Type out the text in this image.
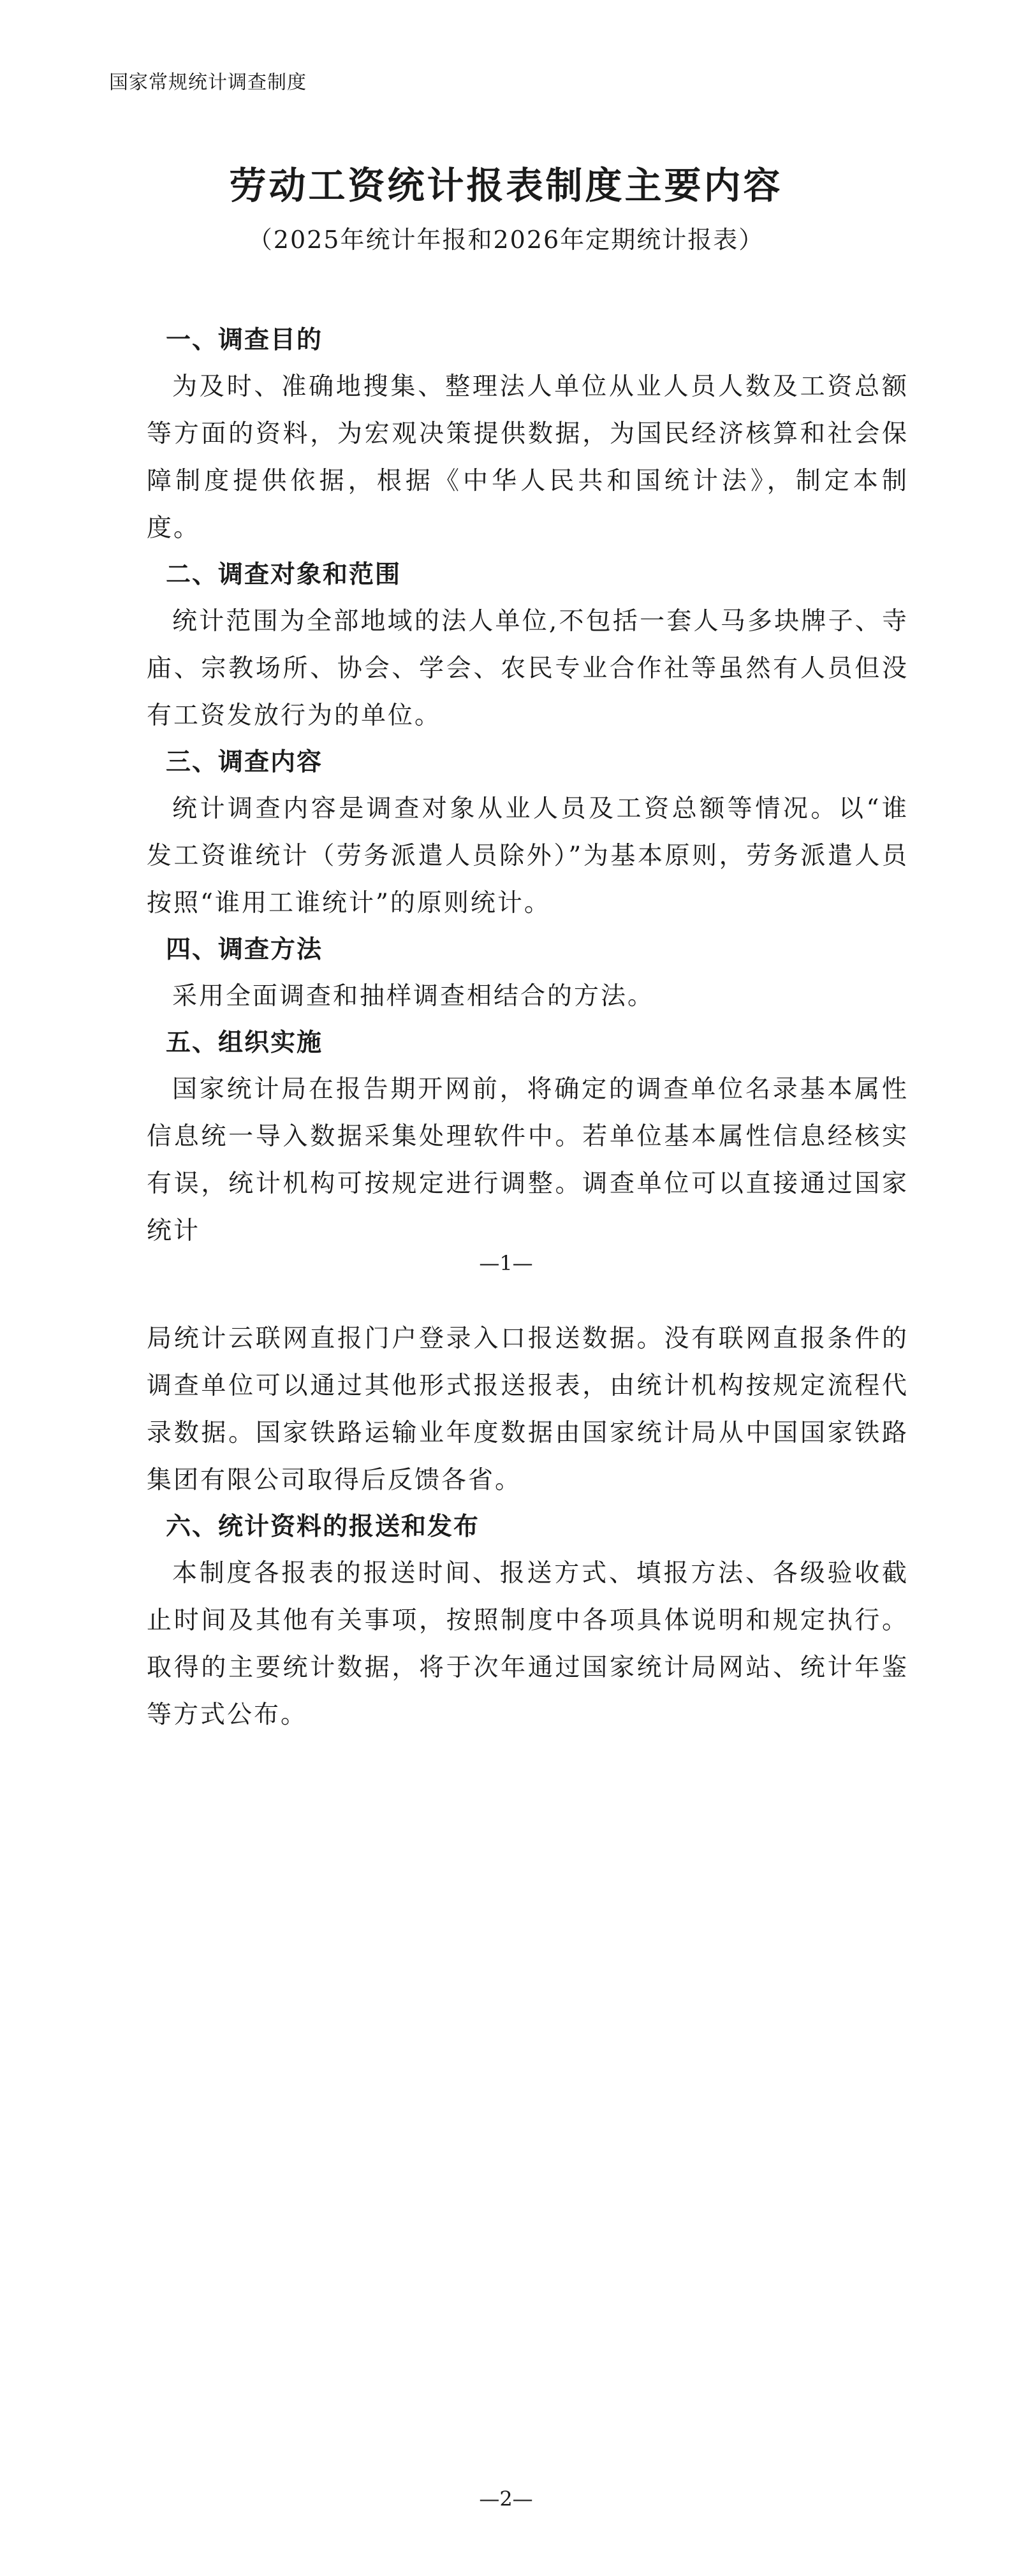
国家常规统计调查制度
劳动工资统计报表制度主要内容
（2025年统计年报和2026年定期统计报表）
一、调查目的
为及时、准确地搜集、整理法人单位从业人员人数及工资总额等方面的资料，为宏观决策提供数据，为国民经济核算和社会保障制度提供依据，根据《中华人民共和国统计法》，制定本制度。
二、调查对象和范围
统计范围为全部地域的法人单位,不包括一套人马多块牌子、寺庙、宗教场所、协会、学会、农民专业合作社等虽然有人员但没有工资发放行为的单位。
三、调查内容
统计调查内容是调查对象从业人员及工资总额等情况。以“谁发工资谁统计（劳务派遣人员除外）”为基本原则，劳务派遣人员按照“谁用工谁统计”的原则统计。
四、调查方法
采用全面调查和抽样调查相结合的方法。
五、组织实施
国家统计局在报告期开网前，将确定的调查单位名录基本属性信息统一导入数据采集处理软件中。若单位基本属性信息经核实有误，统计机构可按规定进行调整。调查单位可以直接通过国家统计
—1—
局统计云联网直报门户登录入口报送数据。没有联网直报条件的调查单位可以通过其他形式报送报表，由统计机构按规定流程代录数据。国家铁路运输业年度数据由国家统计局从中国国家铁路集团有限公司取得后反馈各省。
六、统计资料的报送和发布
本制度各报表的报送时间、报送方式、填报方法、各级验收截止时间及其他有关事项，按照制度中各项具体说明和规定执行。取得的主要统计数据，将于次年通过国家统计局网站、统计年鉴等方式公布。
—2—
